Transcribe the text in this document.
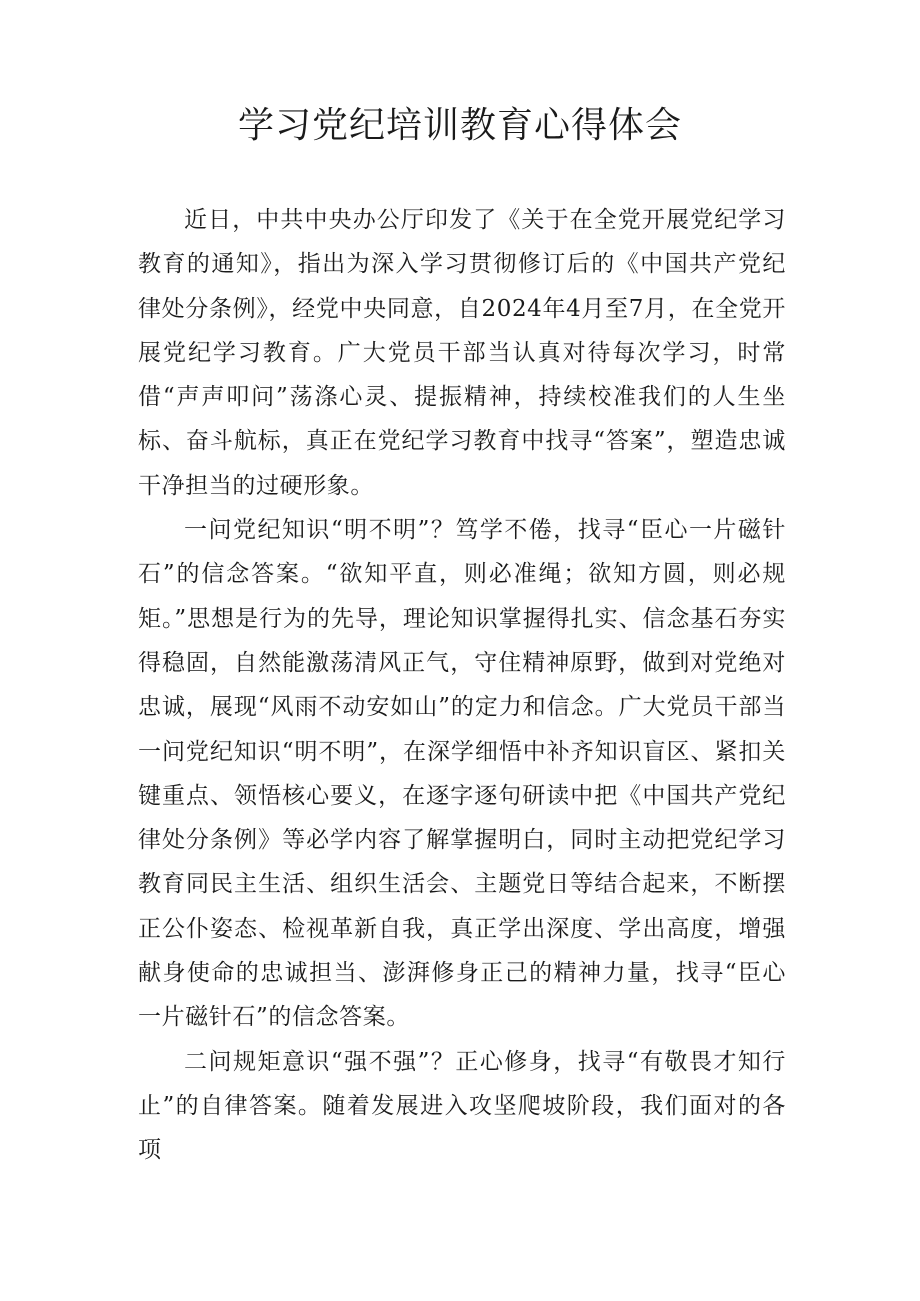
学习党纪培训教育心得体会

近日，中共中央办公厅印发了《关于在全党开展党纪学习教育的通知》，指出为深入学习贯彻修订后的《中国共产党纪律处分条例》，经党中央同意，自2024年4月至7月，在全党开展党纪学习教育。广大党员干部当认真对待每次学习，时常借“声声叩问”荡涤心灵、提振精神，持续校准我们的人生坐标、奋斗航标，真正在党纪学习教育中找寻“答案”，塑造忠诚干净担当的过硬形象。

一问党纪知识“明不明”？笃学不倦，找寻“臣心一片磁针石”的信念答案。“欲知平直，则必准绳；欲知方圆，则必规矩。”思想是行为的先导，理论知识掌握得扎实、信念基石夯实得稳固，自然能激荡清风正气，守住精神原野，做到对党绝对忠诚，展现“风雨不动安如山”的定力和信念。广大党员干部当一问党纪知识“明不明”，在深学细悟中补齐知识盲区、紧扣关键重点、领悟核心要义，在逐字逐句研读中把《中国共产党纪律处分条例》等必学内容了解掌握明白，同时主动把党纪学习教育同民主生活、组织生活会、主题党日等结合起来，不断摆正公仆姿态、检视革新自我，真正学出深度、学出高度，增强献身使命的忠诚担当、澎湃修身正己的精神力量，找寻“臣心一片磁针石”的信念答案。

二问规矩意识“强不强”？正心修身，找寻“有敬畏才知行止”的自律答案。随着发展进入攻坚爬坡阶段，我们面对的各项
